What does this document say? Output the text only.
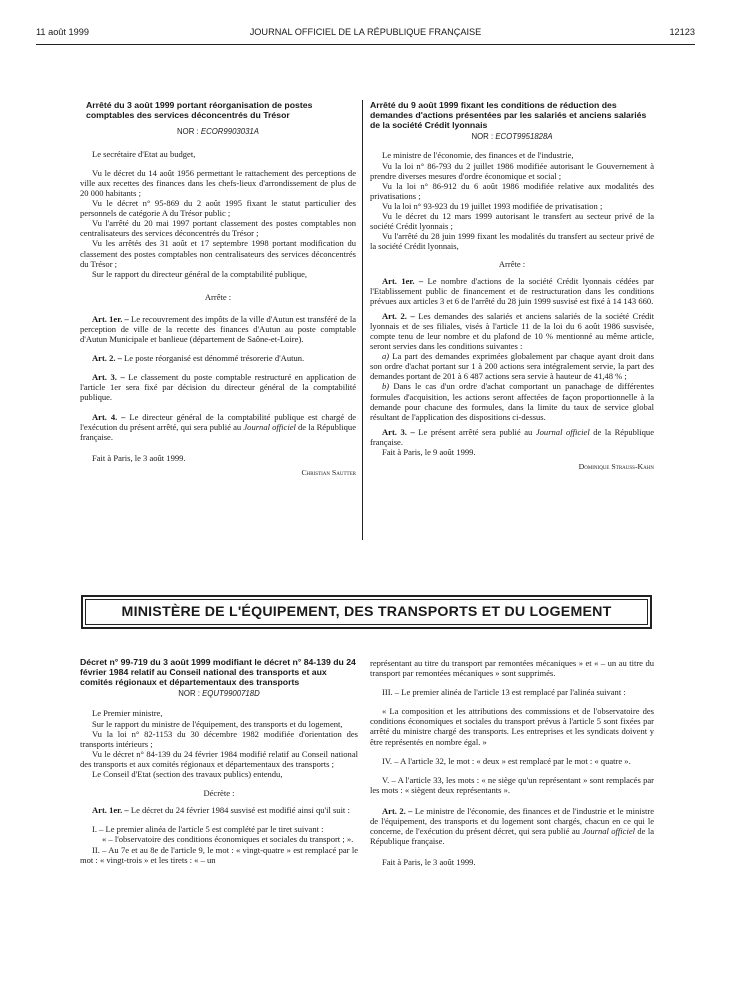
11 août 1999	JOURNAL OFFICIEL DE LA RÉPUBLIQUE FRANÇAISE	12123
Arrêté du 3 août 1999 portant réorganisation de postes comptables des services déconcentrés du Trésor
NOR : ECOR9903031A

Le secrétaire d'Etat au budget,

Vu le décret du 14 août 1956 permettant le rattachement des perceptions de ville aux recettes des finances dans les chefs-lieux d'arrondissement de plus de 20 000 habitants ;

Vu le décret n° 95-869 du 2 août 1995 fixant le statut particulier des personnels de catégorie A du Trésor public ;

Vu l'arrêté du 20 mai 1997 portant classement des postes comptables non centralisateurs des services déconcentrés du Trésor ;

Vu les arrêtés des 31 août et 17 septembre 1998 portant modification du classement des postes comptables non centralisateurs des services déconcentrés du Trésor ;

Sur le rapport du directeur général de la comptabilité publique,

Arrête :

Art. 1er. – Le recouvrement des impôts de la ville d'Autun est transféré de la perception de ville de la recette des finances d'Autun au poste comptable d'Autun Municipale et banlieue (département de Saône-et-Loire).

Art. 2. – Le poste réorganisé est dénommé trésorerie d'Autun.

Art. 3. – Le classement du poste comptable restructuré en application de l'article 1er sera fixé par décision du directeur général de la comptabilité publique.

Art. 4. – Le directeur général de la comptabilité publique est chargé de l'exécution du présent arrêté, qui sera publié au Journal officiel de la République française.

Fait à Paris, le 3 août 1999.

Christian Sautter

Arrêté du 9 août 1999 fixant les conditions de réduction des demandes d'actions présentées par les salariés et anciens salariés de la société Crédit lyonnais
NOR : ECOT9951828A

Le ministre de l'économie, des finances et de l'industrie,

Vu la loi n° 86-793 du 2 juillet 1986 modifiée autorisant le Gouvernement à prendre diverses mesures d'ordre économique et social ;

Vu la loi n° 86-912 du 6 août 1986 modifiée relative aux modalités des privatisations ;

Vu la loi n° 93-923 du 19 juillet 1993 modifiée de privatisation ;

Vu le décret du 12 mars 1999 autorisant le transfert au secteur privé de la société Crédit lyonnais ;

Vu l'arrêté du 28 juin 1999 fixant les modalités du transfert au secteur privé de la société Crédit lyonnais,

Arrête :

Art. 1er. – Le nombre d'actions de la société Crédit lyonnais cédées par l'Etablissement public de financement et de restructuration dans les conditions prévues aux articles 3 et 6 de l'arrêté du 28 juin 1999 susvisé est fixé à 14 143 660.

Art. 2. – Les demandes des salariés et anciens salariés de la société Crédit lyonnais et de ses filiales, visés à l'article 11 de la loi du 6 août 1986 susvisée, compte tenu de leur nombre et du plafond de 10 % mentionné au même article, seront servies dans les conditions suivantes :

a) La part des demandes exprimées globalement par chaque ayant droit dans son ordre d'achat portant sur 1 à 200 actions sera intégralement servie, la part des demandes portant de 201 à 6 487 actions sera servie à hauteur de 41,48 % ;

b) Dans le cas d'un ordre d'achat comportant un panachage de différentes formules d'acquisition, les actions seront affectées de façon proportionnelle à la demande pour chacune des formules, dans la limite du taux de service global résultant de l'application des dispositions ci-dessus.

Art. 3. – Le présent arrêté sera publié au Journal officiel de la République française.

Fait à Paris, le 9 août 1999.

Dominique Strauss-Kahn

MINISTÈRE DE L'ÉQUIPEMENT, DES TRANSPORTS ET DU LOGEMENT
Décret n° 99-719 du 3 août 1999 modifiant le décret n° 84-139 du 24 février 1984 relatif au Conseil national des transports et aux comités régionaux et départementaux des transports
NOR : EQUT9900718D

Le Premier ministre,

Sur le rapport du ministre de l'équipement, des transports et du logement,

Vu la loi n° 82-1153 du 30 décembre 1982 modifiée d'orientation des transports intérieurs ;

Vu le décret n° 84-139 du 24 février 1984 modifié relatif au Conseil national des transports et aux comités régionaux et départementaux des transports ;

Le Conseil d'Etat (section des travaux publics) entendu,

Décrète :

Art. 1er. – Le décret du 24 février 1984 susvisé est modifié ainsi qu'il suit :

I. – Le premier alinéa de l'article 5 est complété par le tiret suivant :

« – l'observatoire des conditions économiques et sociales du transport ; ».

II. – Au 7e et au 8e de l'article 9, le mot : « vingt-quatre » est remplacé par le mot : « vingt-trois » et les tirets : « – un

représentant au titre du transport par remontées mécaniques » et « – un au titre du transport par remontées mécaniques » sont supprimés.

III. – Le premier alinéa de l'article 13 est remplacé par l'alinéa suivant :

« La composition et les attributions des commissions et de l'observatoire des conditions économiques et sociales du transport prévus à l'article 5 sont fixées par arrêté du ministre chargé des transports. Les entreprises et les syndicats doivent y être représentés en nombre égal. »

IV. – A l'article 32, le mot : « deux » est remplacé par le mot : « quatre ».

V. – A l'article 33, les mots : « ne siège qu'un représentant » sont remplacés par les mots : « siègent deux représentants ».

Art. 2. – Le ministre de l'économie, des finances et de l'industrie et le ministre de l'équipement, des transports et du logement sont chargés, chacun en ce qui le concerne, de l'exécution du présent décret, qui sera publié au Journal officiel de la République française.

Fait à Paris, le 3 août 1999.
